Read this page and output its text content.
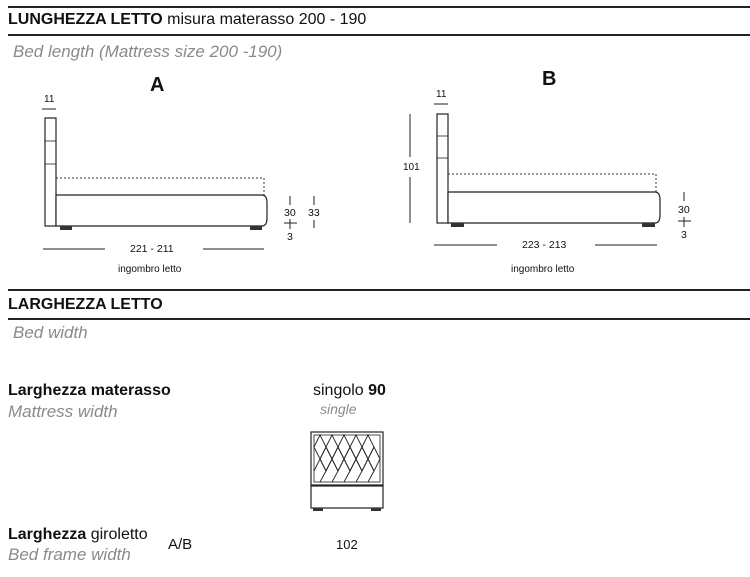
LUNGHEZZA LETTO misura materasso 200 - 190
Bed length (Mattress size 200 -190)
A
11
221 - 211
ingombro letto
30 33
3
B
11
101
223 - 213
ingombro letto
30
3
LARGHEZZA LETTO
Bed width
Larghezza materasso
Mattress width
singolo 90
single
Larghezza giroletto
Bed frame width
A/B	102
